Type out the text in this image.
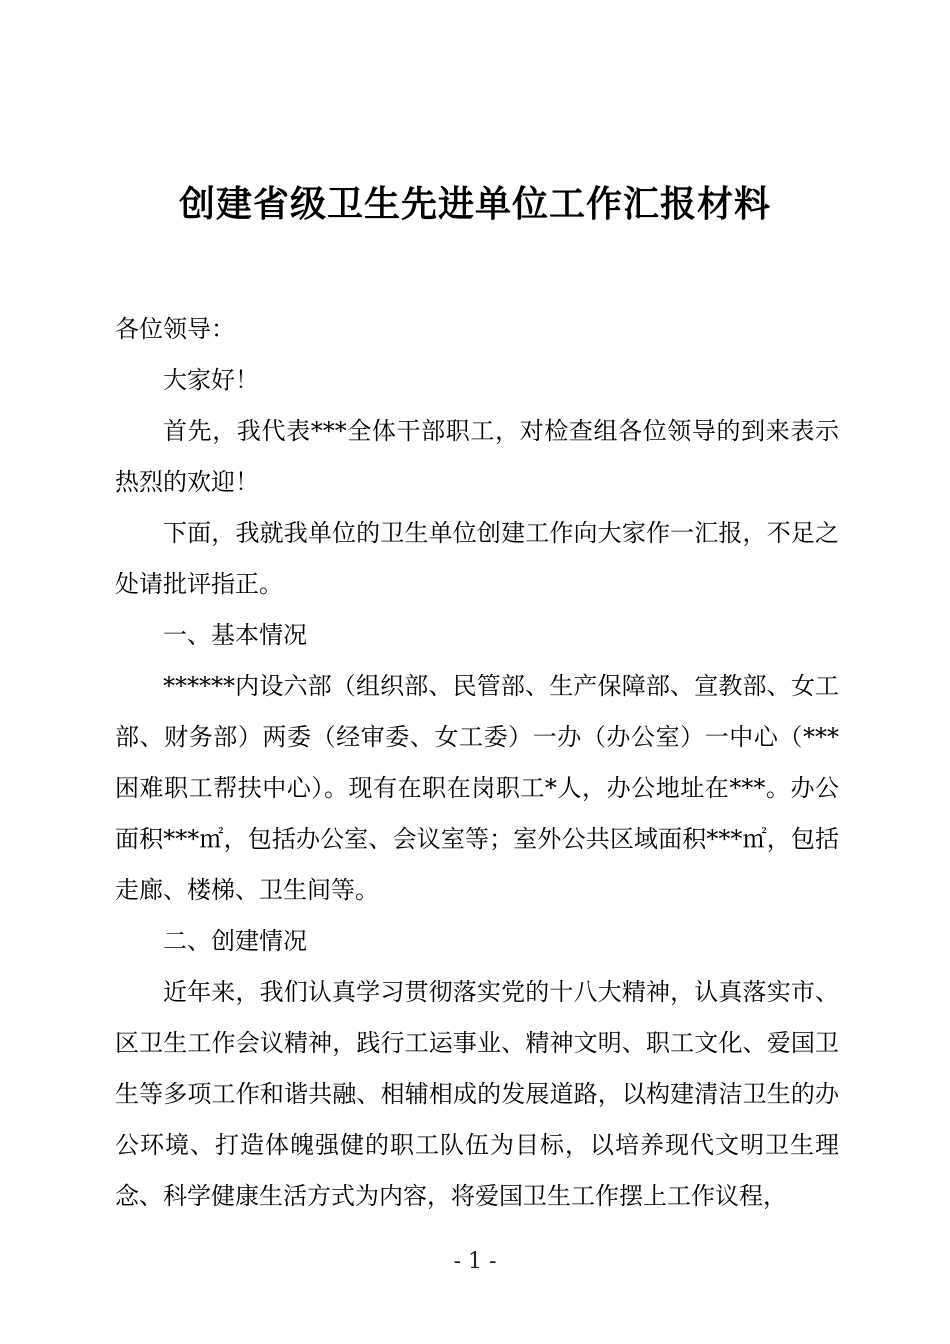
创建省级卫生先进单位工作汇报材料

各位领导：

大家好！

首先，我代表***全体干部职工，对检查组各位领导的到来表示热烈的欢迎！

下面，我就我单位的卫生单位创建工作向大家作一汇报，不足之处请批评指正。

一、基本情况

******内设六部（组织部、民管部、生产保障部、宣教部、女工部、财务部）两委（经审委、女工委）一办（办公室）一中心（***困难职工帮扶中心）。现有在职在岗职工*人，办公地址在***。办公面积***㎡，包括办公室、会议室等；室外公共区域面积***㎡，包括走廊、楼梯、卫生间等。

二、创建情况

近年来，我们认真学习贯彻落实党的十八大精神，认真落实市、区卫生工作会议精神，践行工运事业、精神文明、职工文化、爱国卫生等多项工作和谐共融、相辅相成的发展道路，以构建清洁卫生的办公环境、打造体魄强健的职工队伍为目标，以培养现代文明卫生理念、科学健康生活方式为内容，将爱国卫生工作摆上工作议程，

- 1 -
